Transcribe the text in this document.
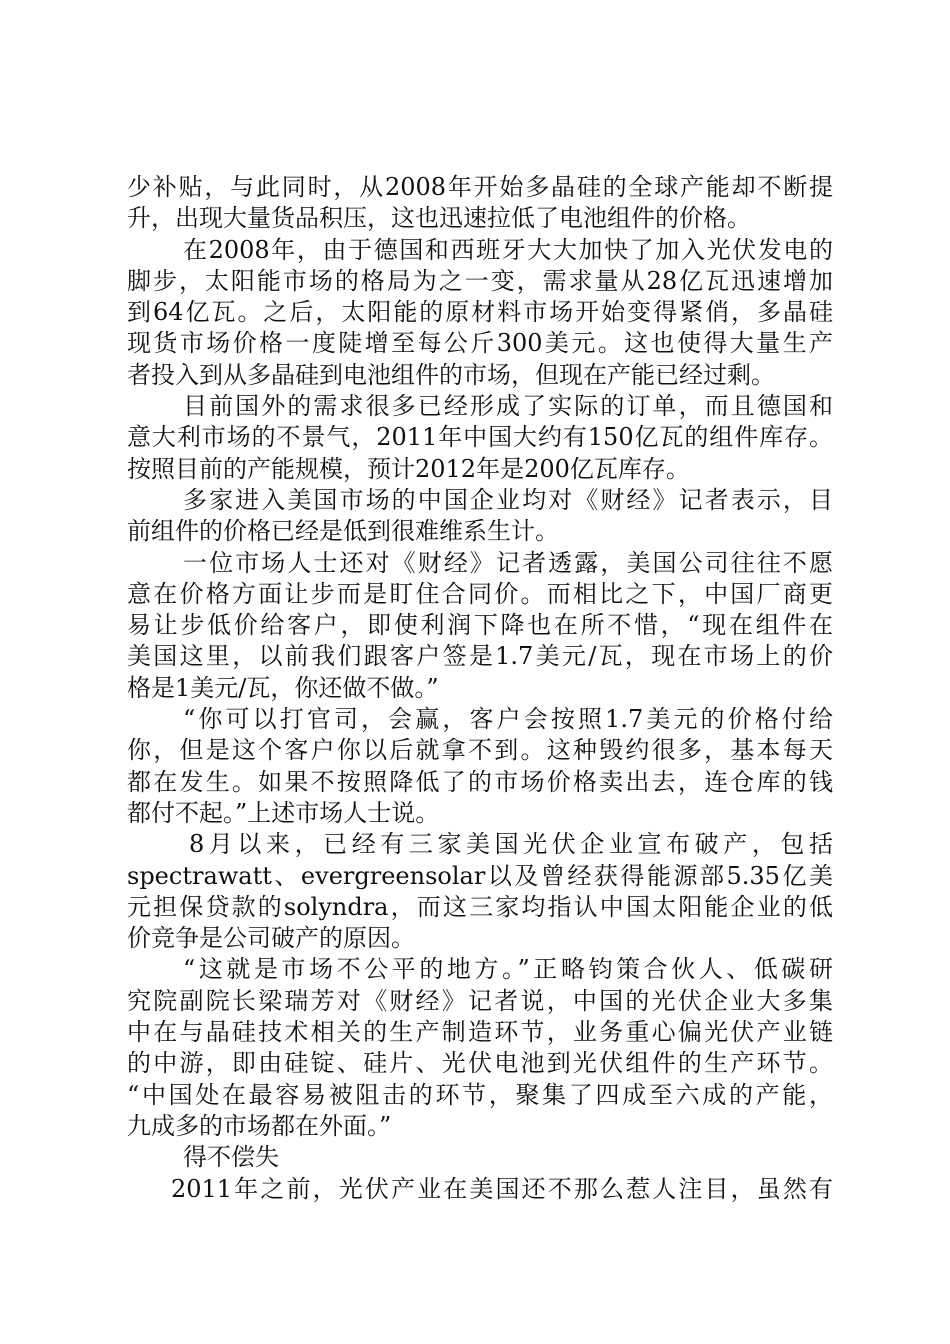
少补贴，与此同时，从2008年开始多晶硅的全球产能却不断提
升，出现大量货品积压，这也迅速拉低了电池组件的价格。
在2008年，由于德国和西班牙大大加快了加入光伏发电的
脚步，太阳能市场的格局为之一变，需求量从28亿瓦迅速增加
到64亿瓦。之后，太阳能的原材料市场开始变得紧俏，多晶硅
现货市场价格一度陡增至每公斤300美元。这也使得大量生产
者投入到从多晶硅到电池组件的市场，但现在产能已经过剩。
目前国外的需求很多已经形成了实际的订单，而且德国和
意大利市场的不景气，2011年中国大约有150亿瓦的组件库存。
按照目前的产能规模，预计2012年是200亿瓦库存。
多家进入美国市场的中国企业均对《财经》记者表示，目
前组件的价格已经是低到很难维系生计。
一位市场人士还对《财经》记者透露，美国公司往往不愿
意在价格方面让步而是盯住合同价。而相比之下，中国厂商更
易让步低价给客户，即使利润下降也在所不惜，“现在组件在
美国这里，以前我们跟客户签是1.7美元/瓦，现在市场上的价
格是1美元/瓦，你还做不做。”
“你可以打官司，会赢，客户会按照1.7美元的价格付给
你，但是这个客户你以后就拿不到。这种毁约很多，基本每天
都在发生。如果不按照降低了的市场价格卖出去，连仓库的钱
都付不起。”上述市场人士说。
8月以来，已经有三家美国光伏企业宣布破产，包括
spectrawatt、evergreensolar以及曾经获得能源部5.35亿美
元担保贷款的solyndra，而这三家均指认中国太阳能企业的低
价竞争是公司破产的原因。
“这就是市场不公平的地方。”正略钧策合伙人、低碳研
究院副院长梁瑞芳对《财经》记者说，中国的光伏企业大多集
中在与晶硅技术相关的生产制造环节，业务重心偏光伏产业链
的中游，即由硅锭、硅片、光伏电池到光伏组件的生产环节。
“中国处在最容易被阻击的环节，聚集了四成至六成的产能，
九成多的市场都在外面。”
得不偿失
2011年之前，光伏产业在美国还不那么惹人注目，虽然有
